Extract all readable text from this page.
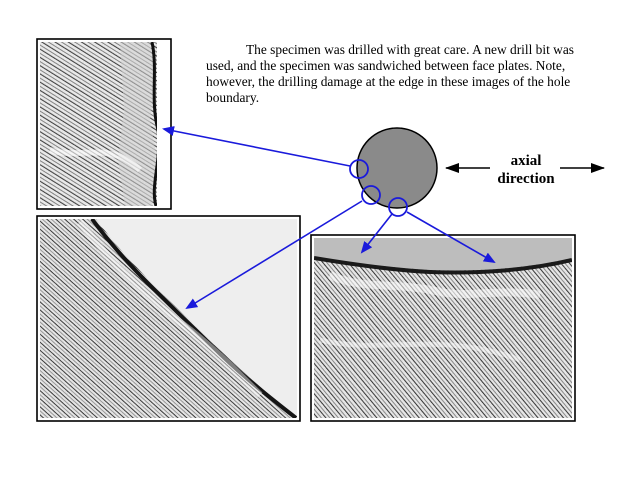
The specimen was drilled with great care. A new drill bit was used, and the specimen was sandwiched between face plates. Note, however, the drilling damage at the edge in these images of the hole boundary.

axial
direction
